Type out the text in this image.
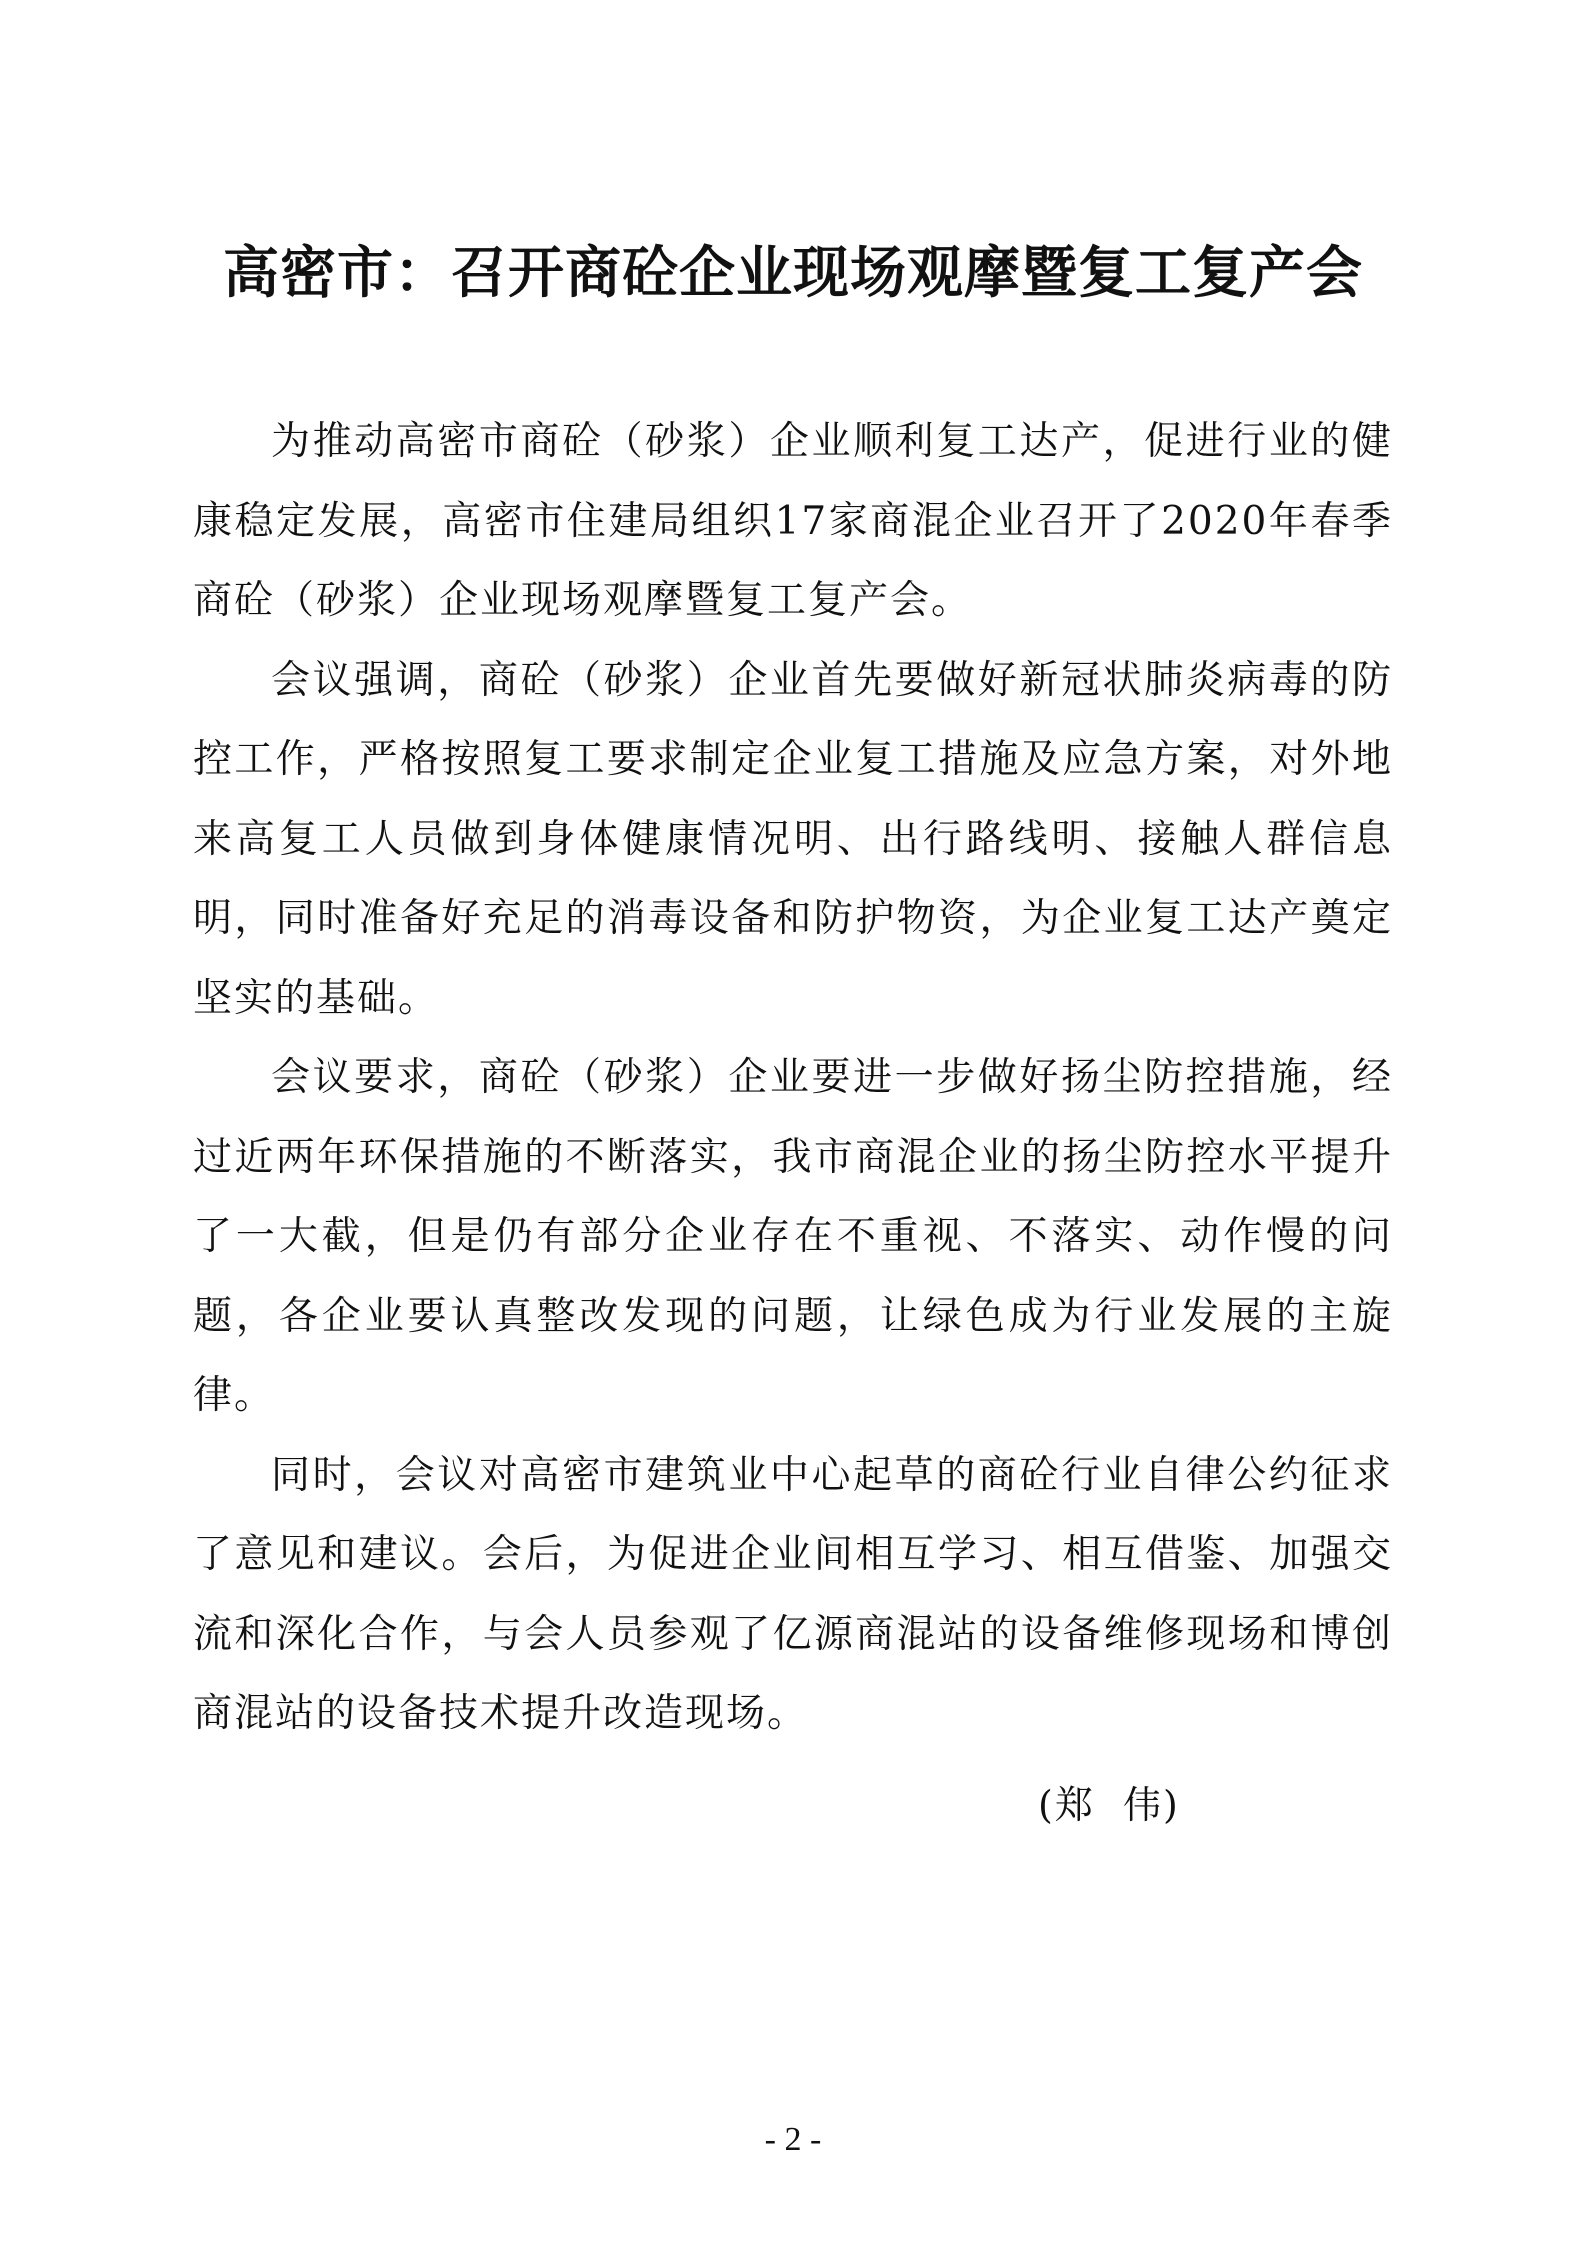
高密市：召开商砼企业现场观摩暨复工复产会

为推动高密市商砼（砂浆）企业顺利复工达产，促进行业的健康稳定发展，高密市住建局组织17家商混企业召开了2020年春季商砼（砂浆）企业现场观摩暨复工复产会。

会议强调，商砼（砂浆）企业首先要做好新冠状肺炎病毒的防控工作，严格按照复工要求制定企业复工措施及应急方案，对外地来高复工人员做到身体健康情况明、出行路线明、接触人群信息明，同时准备好充足的消毒设备和防护物资，为企业复工达产奠定坚实的基础。

会议要求，商砼（砂浆）企业要进一步做好扬尘防控措施，经过近两年环保措施的不断落实，我市商混企业的扬尘防控水平提升了一大截，但是仍有部分企业存在不重视、不落实、动作慢的问题，各企业要认真整改发现的问题，让绿色成为行业发展的主旋律。

同时，会议对高密市建筑业中心起草的商砼行业自律公约征求了意见和建议。会后，为促进企业间相互学习、相互借鉴、加强交流和深化合作，与会人员参观了亿源商混站的设备维修现场和博创商混站的设备技术提升改造现场。

(郑  伟)
- 2 -
